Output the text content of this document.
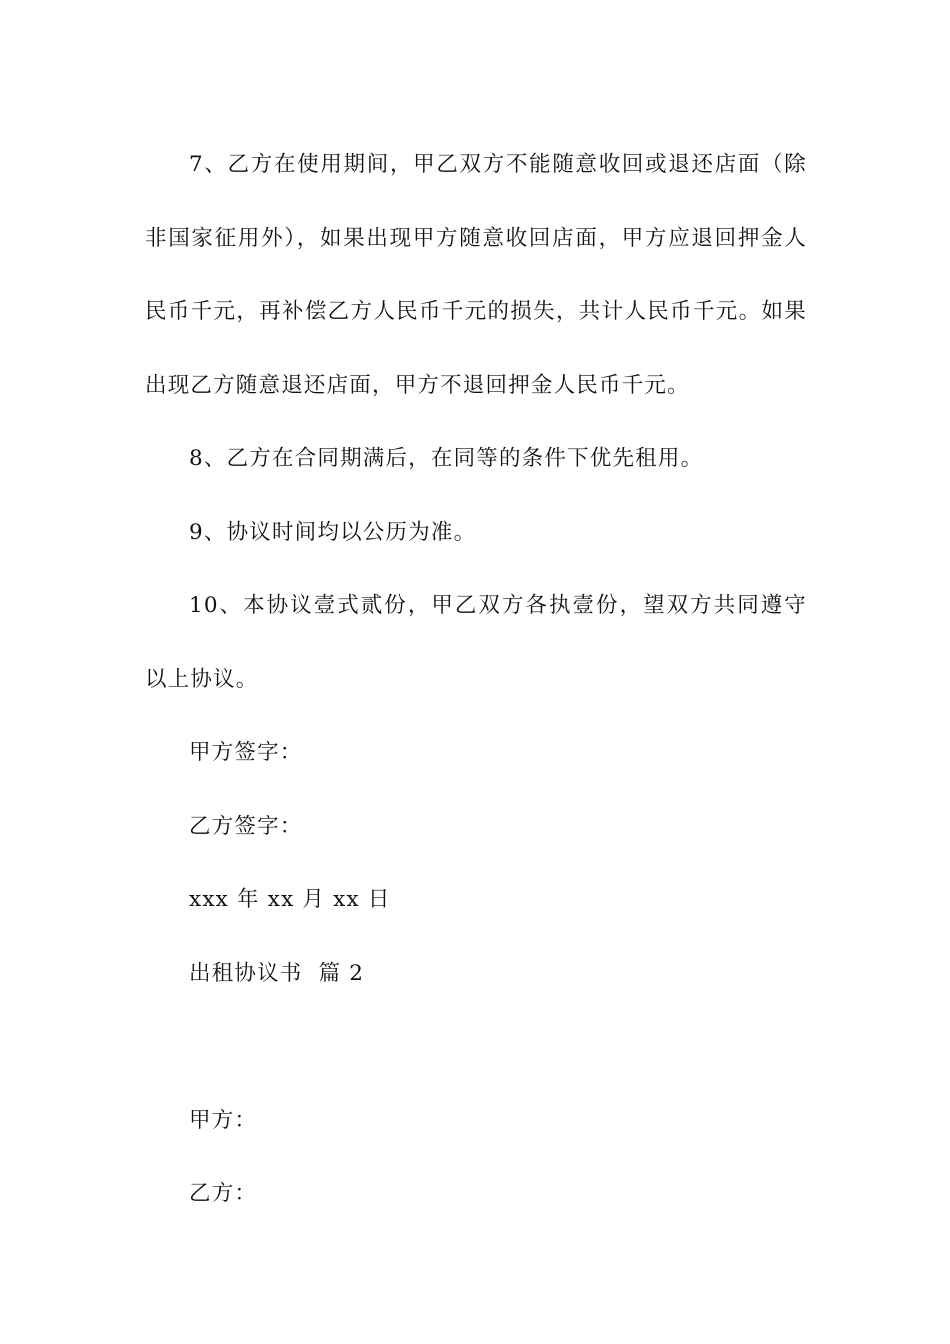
7、乙方在使用期间，甲乙双方不能随意收回或退还店面（除非国家征用外），如果出现甲方随意收回店面，甲方应退回押金人民币千元，再补偿乙方人民币千元的损失，共计人民币千元。如果出现乙方随意退还店面，甲方不退回押金人民币千元。

8、乙方在合同期满后，在同等的条件下优先租用。

9、协议时间均以公历为准。

10、本协议壹式贰份，甲乙双方各执壹份，望双方共同遵守以上协议。

甲方签字：

乙方签字：

xxx 年 xx 月 xx 日

出租协议书  篇 2

甲方：

乙方：
